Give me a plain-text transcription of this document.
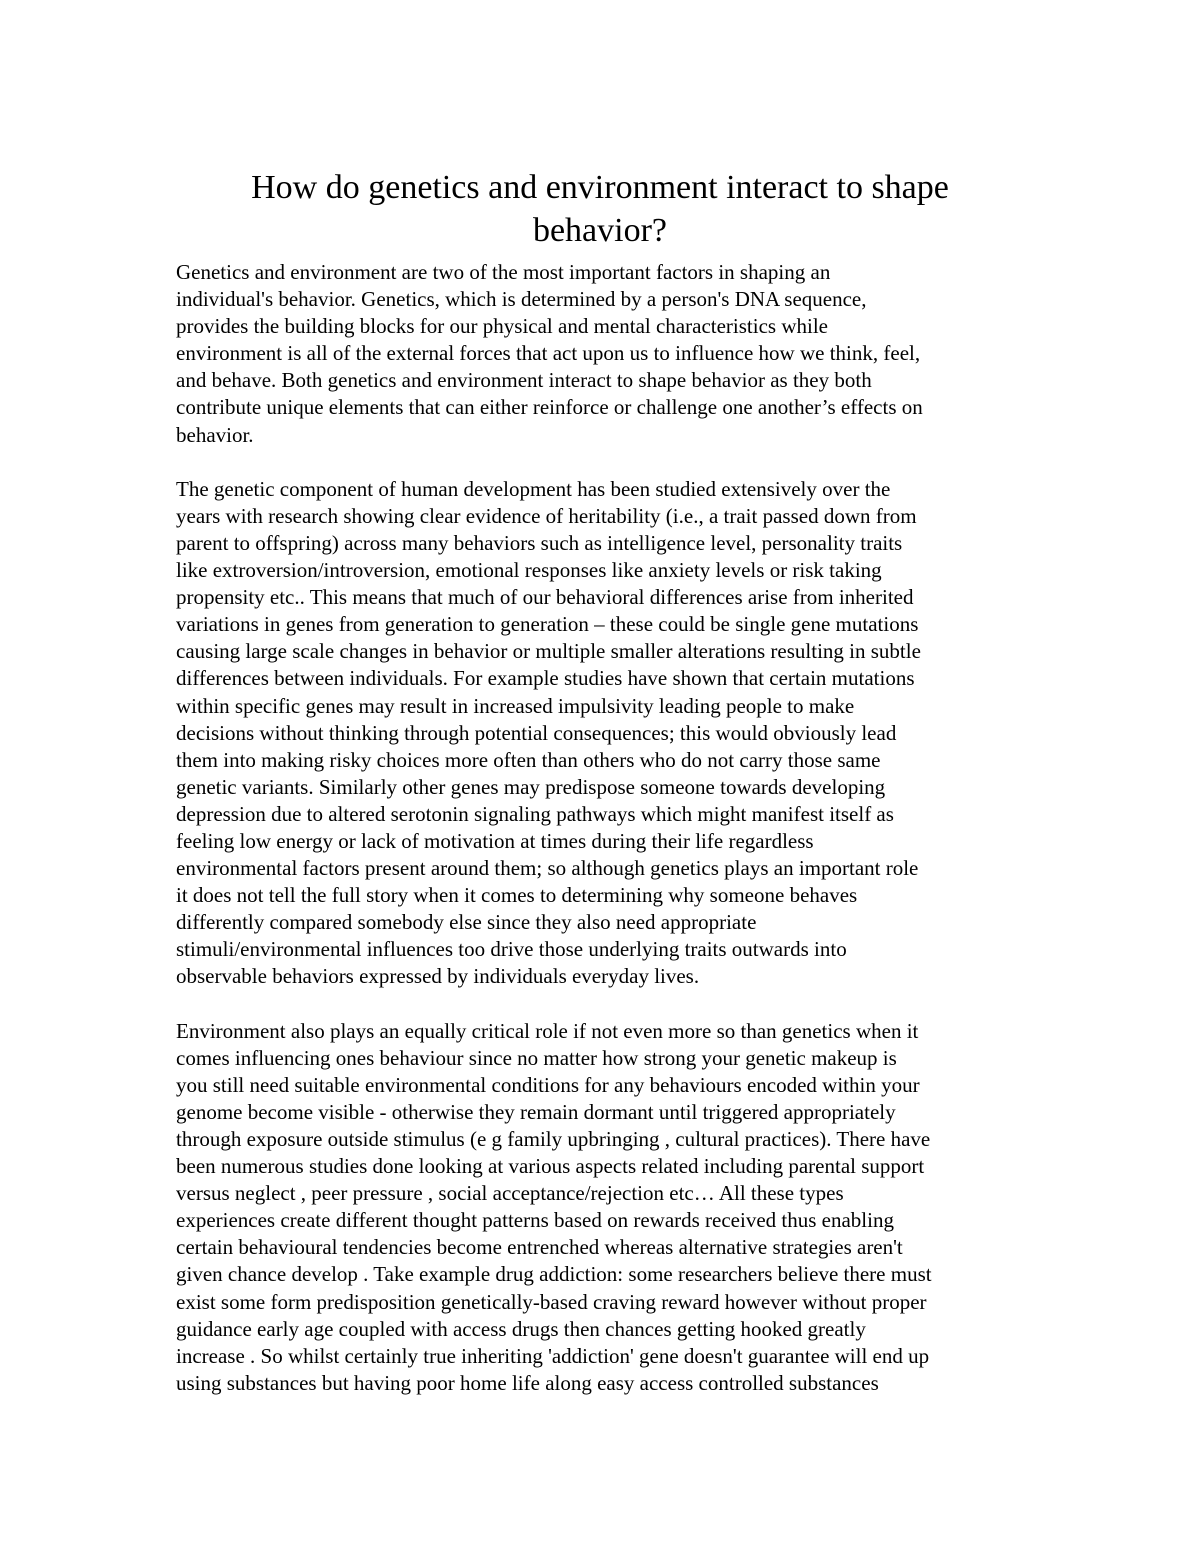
How do genetics and environment interact to shape
behavior?

Genetics and environment are two of the most important factors in shaping an
individual's behavior. Genetics, which is determined by a person's DNA sequence,
provides the building blocks for our physical and mental characteristics while
environment is all of the external forces that act upon us to influence how we think, feel,
and behave. Both genetics and environment interact to shape behavior as they both
contribute unique elements that can either reinforce or challenge one another’s effects on
behavior.

The genetic component of human development has been studied extensively over the
years with research showing clear evidence of heritability (i.e., a trait passed down from
parent to offspring) across many behaviors such as intelligence level, personality traits
like extroversion/introversion, emotional responses like anxiety levels or risk taking
propensity etc.. This means that much of our behavioral differences arise from inherited
variations in genes from generation to generation – these could be single gene mutations
causing large scale changes in behavior or multiple smaller alterations resulting in subtle
differences between individuals. For example studies have shown that certain mutations
within specific genes may result in increased impulsivity leading people to make
decisions without thinking through potential consequences; this would obviously lead
them into making risky choices more often than others who do not carry those same
genetic variants. Similarly other genes may predispose someone towards developing
depression due to altered serotonin signaling pathways which might manifest itself as
feeling low energy or lack of motivation at times during their life regardless
environmental factors present around them; so although genetics plays an important role
it does not tell the full story when it comes to determining why someone behaves
differently compared somebody else since they also need appropriate
stimuli/environmental influences too drive those underlying traits outwards into
observable behaviors expressed by individuals everyday lives.

Environment also plays an equally critical role if not even more so than genetics when it
comes influencing ones behaviour since no matter how strong your genetic makeup is
you still need suitable environmental conditions for any behaviours encoded within your
genome become visible - otherwise they remain dormant until triggered appropriately
through exposure outside stimulus (e g family upbringing , cultural practices). There have
been numerous studies done looking at various aspects related including parental support
versus neglect , peer pressure , social acceptance/rejection etc… All these types
experiences create different thought patterns based on rewards received thus enabling
certain behavioural tendencies become entrenched whereas alternative strategies aren't
given chance develop . Take example drug addiction: some researchers believe there must
exist some form predisposition genetically-based craving reward however without proper
guidance early age coupled with access drugs then chances getting hooked greatly
increase . So whilst certainly true inheriting 'addiction' gene doesn't guarantee will end up
using substances but having poor home life along easy access controlled substances
